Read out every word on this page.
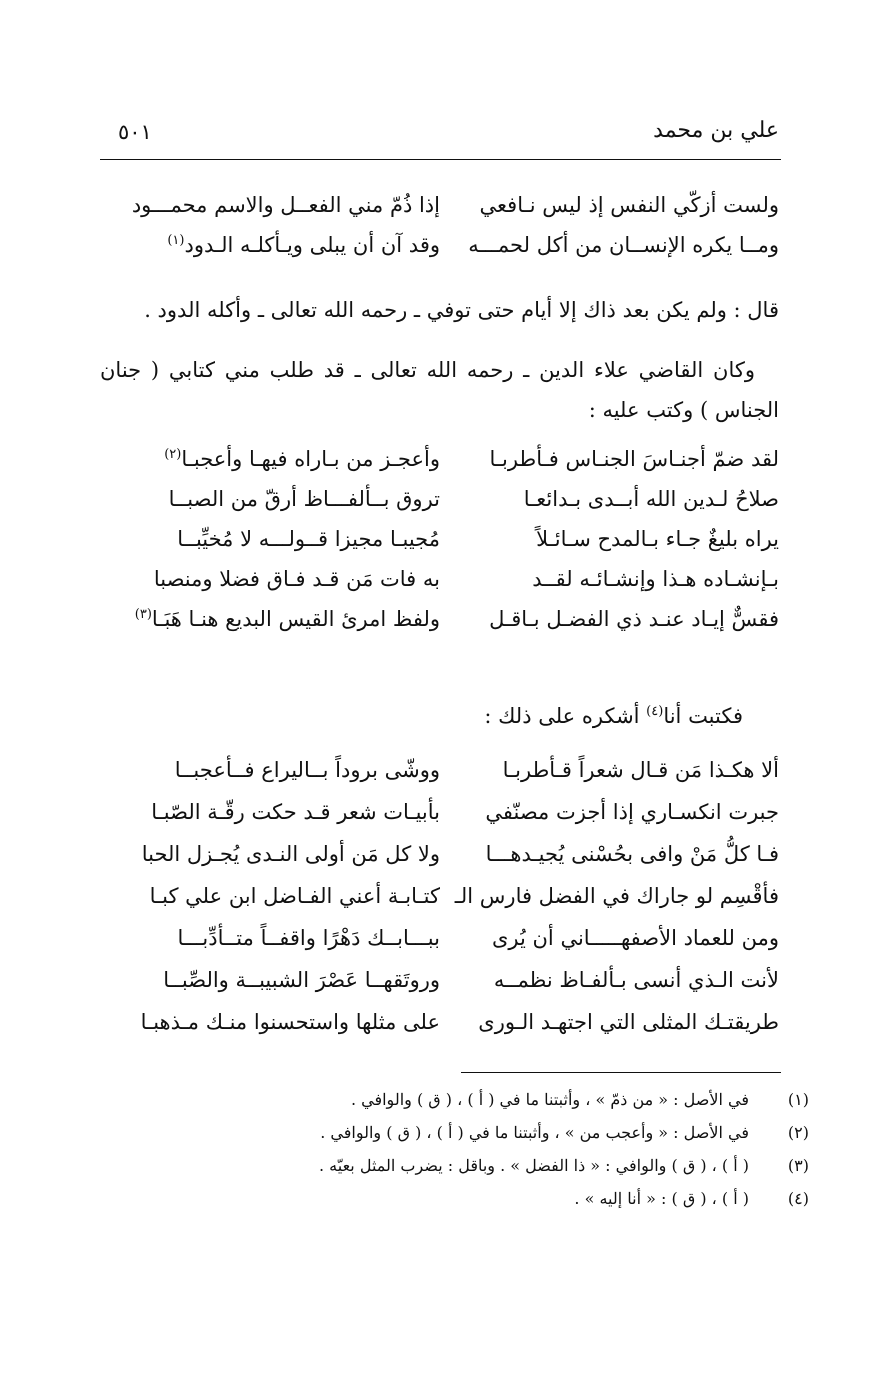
علي بن محمد
٥٠١
ولست أزكّي النفس إذ ليس نـافعي
إذا ذُمّ مني الفعــل والاسم محمـــود
ومــا يكره الإنســان من أكل لحمـــه
وقد آن أن يبلى ويـأكلـه الـدود$^{(١)}$
قال : ولم يكن بعد ذاك إلا أيام حتى توفي ـ رحمه الله تعالى ـ وأكله الدود .
وكان القاضي علاء الدين ـ رحمه الله تعالى ـ قد طلب مني كتابي ( جنان الجناس ) وكتب عليه :
لقد ضمّ أجنـاسَ الجنـاس فـأطربـا
وأعجـز من بـاراه فيهـا وأعجبـا$^{(٢)}$
صلاحُ لـدين الله أبــدى بـدائعـا
تروق بــألفـــاظ أرقّ من الصبــا
يراه بليغٌ جـاء بـالمدح سـائـلاً
مُجيبـا مجيزا قــولـــه لا مُخيِّبــا
بـإنشـاده هـذا وإنشـائـه لقــد
به فات مَن قـد فـاق فضلا ومنصبا
فقسٌّ إيـاد عنـد ذي الفضـل بـاقـل
ولفظ امرئ القيس البديع هنـا هَبَـا$^{(٣)}$
فكتبت أنا$^{(٤)}$ أشكره على ذلك :
ألا هكـذا مَن قـال شعراً قـأطربـا
ووشّى بروداً بــاليراع فــأعجبــا
جبرت انكسـاري إذا أجزت مصنّفي
بأبيـات شعر قـد حكت رقّـة الصّبـا
فـا كلُّ مَنْ وافى بحُسْنى يُجيـدهـــا
ولا كل مَن أولى النـدى يُجـزل الحبا
فأقْسِم لو جاراك في الفضل فارس الـ
كتـابـة أعني الفـاضل ابن علي كبـا
ومن للعماد الأصفهـــــاني أن يُرى
ببـــابــك دَهْرًا واقفــاً متــأدِّبـــا
لأنت الـذي أنسى بـألفـاظ نظمــه
وروتَقهــا عَصْرَ الشبيبــة والصِّبــا
طريقتـك المثلى التي اجتهـد الـورى
على مثلها واستحسنوا منـك مـذهبـا
(١)
في الأصل : « من ذمّ » ، وأثبتنا ما في ( أ ) ، ( ق ) والوافي .
(٢)
في الأصل : « وأعجب من » ، وأثبتنا ما في ( أ ) ، ( ق ) والوافي .
(٣)
( أ ) ، ( ق ) والوافي : « ذا الفضل » . وباقل : يضرب المثل بعيّه .
(٤)
( أ ) ، ( ق ) : « أنا إليه » .
